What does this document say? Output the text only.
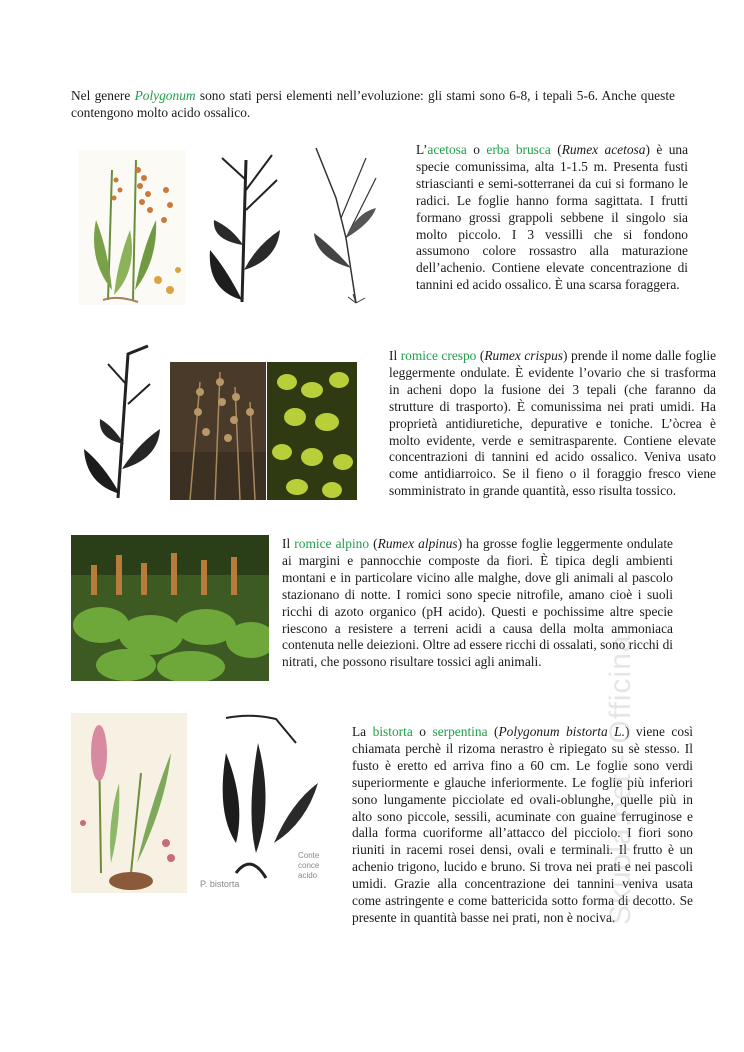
Nel genere Polygonum sono stati persi elementi nell’evoluzione: gli stami sono 6-8, i tepali 5-6. Anche queste contengono molto acido ossalico.

L’acetosa o erba brusca (Rumex acetosa) è una specie comunissima, alta 1-1.5 m. Presenta fusti striascianti e semi-sotterranei da cui si formano le radici. Le foglie hanno forma sagittata. I frutti formano grossi grappoli sebbene il singolo sia molto piccolo. I 3 vessilli che si fondono assumono colore rossastro alla maturazione dell’achenio. Contiene elevate concentrazione di tannini ed acido ossalico. È una scarsa foraggera.

Il romice crespo (Rumex crispus) prende il nome dalle foglie leggermente ondulate. È evidente l’ovario che si trasforma in acheni dopo la fusione dei 3 tepali (che faranno da strutture di trasporto). È comunissima nei prati umidi. Ha proprietà antidiuretiche, depurative e toniche. L’òcrea è molto evidente, verde e semitrasparente. Contiene elevate concentrazioni di tannini ed acido ossalico. Veniva usato come antidiarroico. Se il fieno o il foraggio fresco viene somministrato in grande quantità, esso risulta tossico.

Il romice alpino (Rumex alpinus) ha grosse foglie leggermente ondulate ai margini e pannocchie composte da fiori. È tipica degli ambienti montani e in particolare vicino alle malghe, dove gli animali al pascolo stazionano di notte. I romici sono specie nitrofile, amano cioè i suoli ricchi di azoto organico (pH acido). Questi e pochissime altre specie riescono a resistere a terreni acidi a causa della molta ammoniaca contenuta nelle deiezioni. Oltre ad essere ricchi di ossalati, sono ricchi di nitrati, che possono risultare tossici agli animali.

P. bistorta
Conte
conce
acido

La bistorta o serpentina (Polygonum bistorta L.) viene così chiamata perchè il rizoma nerastro è ripiegato su sè stesso. Il fusto è eretto ed arriva fino a 60 cm. Le foglie sono verdi superiormente e glauche inferiormente. Le foglie più inferiori sono lungamente picciolate ed ovali-oblunghe, quelle più in alto sono piccole, sessili, acuminate con guaine ferruginose e dalla forma cuoriforme all’attacco del picciolo. I fiori sono riuniti in racemi rosei densi, ovali e terminali. Il frutto è un achenio trigono, lucido e bruno. Si trova nei prati e nei pascoli umidi. Grazie alla concentrazione dei tannini veniva usata come astringente e come battericida sotto forma di decotto. Se presente in quantità basse nei prati, non è nociva.

Skuola.net - Officina
